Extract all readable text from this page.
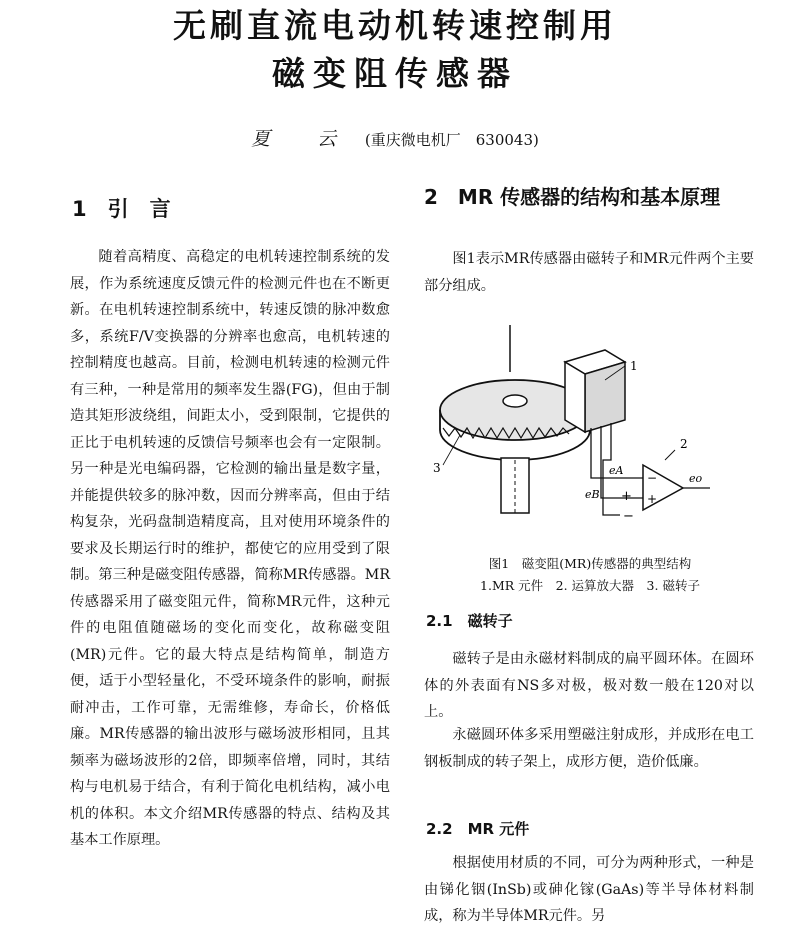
无刷直流电动机转速控制用
磁变阻传感器
夏　云 (重庆微电机厂　630043)
1　引　言

随着高精度、高稳定的电机转速控制系统的发展，作为系统速度反馈元件的检测元件也在不断更新。在电机转速控制系统中，转速反馈的脉冲数愈多，系统F/V变换器的分辨率也愈高，电机转速的控制精度也越高。目前，检测电机转速的检测元件有三种，一种是常用的频率发生器(FG)，但由于制造其矩形波绕组，间距太小，受到限制，它提供的正比于电机转速的反馈信号频率也会有一定限制。另一种是光电编码器，它检测的输出量是数字量，并能提供较多的脉冲数，因而分辨率高，但由于结构复杂，光码盘制造精度高，且对使用环境条件的要求及长期运行时的维护，都使它的应用受到了限制。第三种是磁变阻传感器，简称MR传感器。MR传感器采用了磁变阻元件，简称MR元件，这种元件的电阻值随磁场的变化而变化，故称磁变阻(MR)元件。它的最大特点是结构简单，制造方便，适于小型轻量化，不受环境条件的影响，耐振耐冲击，工作可靠，无需维修，寿命长，价格低廉。MR传感器的输出波形与磁场波形相同，且其频率为磁场波形的2倍，即频率倍增，同时，其结构与电机易于结合，有利于简化电机结构，减小电机的体积。本文介绍MR传感器的特点、结构及其基本工作原理。

2　MR 传感器的结构和基本原理

图1表示MR传感器由磁转子和MR元件两个主要部分组成。

1
2
3	eA
eB
eo
−
+
+
−
图1　磁变阻(MR)传感器的典型结构
1.MR 元件　2. 运算放大器　3. 磁转子
2.1　磁转子

磁转子是由永磁材料制成的扁平圆环体。在圆环体的外表面有NS多对极，极对数一般在120对以上。

永磁圆环体多采用塑磁注射成形，并成形在电工钢板制成的转子架上，成形方便，造价低廉。

2.2　MR 元件

根据使用材质的不同，可分为两种形式，一种是由锑化铟(InSb)或砷化镓(GaAs)等半导体材料制成，称为半导体MR元件。另
